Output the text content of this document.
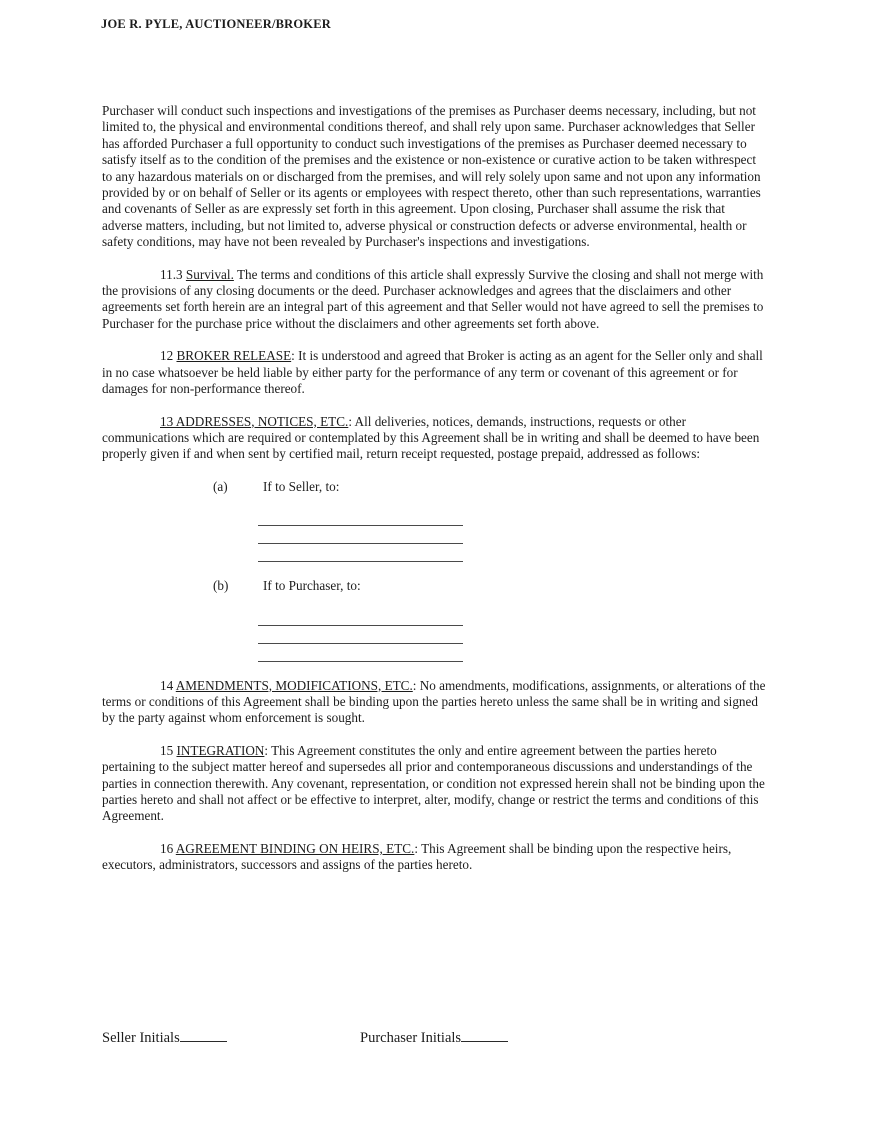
JOE R. PYLE, AUCTIONEER/BROKER

Purchaser will conduct such inspections and investigations of the premises as Purchaser deems necessary, including, but not limited to, the physical and environmental conditions thereof, and shall rely upon same. Purchaser acknowledges that Seller has afforded Purchaser a full opportunity to conduct such investigations of the premises as Purchaser deemed necessary to satisfy itself as to the condition of the premises and the existence or non-existence or curative action to be taken withrespect to any hazardous materials on or discharged from the premises, and will rely solely upon same and not upon any information provided by or on behalf of Seller or its agents or employees with respect thereto, other than such representations, warranties and covenants of Seller as are expressly set forth in this agreement. Upon closing, Purchaser shall assume the risk that adverse matters, including, but not limited to, adverse physical or construction defects or adverse environmental, health or safety conditions, may have not been revealed by Purchaser's inspections and investigations.

11.3 Survival. The terms and conditions of this article shall expressly Survive the closing and shall not merge with the provisions of any closing documents or the deed. Purchaser acknowledges and agrees that the disclaimers and other agreements set forth herein are an integral part of this agreement and that Seller would not have agreed to sell the premises to Purchaser for the purchase price without the disclaimers and other agreements set forth above.

12 BROKER RELEASE: It is understood and agreed that Broker is acting as an agent for the Seller only and shall in no case whatsoever be held liable by either party for the performance of any term or covenant of this agreement or for damages for non-performance thereof.

13 ADDRESSES, NOTICES, ETC.: All deliveries, notices, demands, instructions, requests or other communications which are required or contemplated by this Agreement shall be in writing and shall be deemed to have been properly given if and when sent by certified mail, return receipt requested, postage prepaid, addressed as follows:

(a)	If to Seller, to:
(b)	If to Purchaser, to:

14 AMENDMENTS, MODIFICATIONS, ETC.: No amendments, modifications, assignments, or alterations of the terms or conditions of this Agreement shall be binding upon the parties hereto unless the same shall be in writing and signed by the party against whom enforcement is sought.

15 INTEGRATION: This Agreement constitutes the only and entire agreement between the parties hereto pertaining to the subject matter hereof and supersedes all prior and contemporaneous discussions and understandings of the parties in connection therewith. Any covenant, representation, or condition not expressed herein shall not be binding upon the parties hereto and shall not affect or be effective to interpret, alter, modify, change or restrict the terms and conditions of this Agreement.

16 AGREEMENT BINDING ON HEIRS, ETC.: This Agreement shall be binding upon the respective heirs, executors, administrators, successors and assigns of the parties hereto.

Seller Initials	Purchaser Initials
